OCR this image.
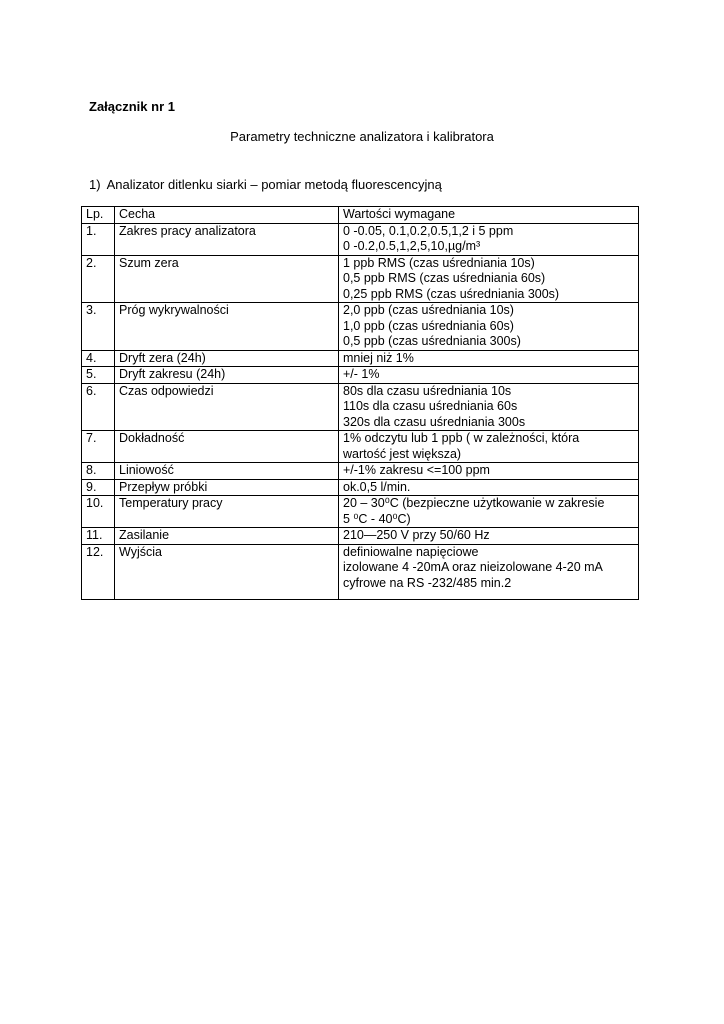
Załącznik nr 1
Parametry techniczne analizatora i kalibratora
1) Analizator ditlenku siarki – pomiar metodą fluorescencyjną
Lp.	Cecha	Wartości wymagane
1.	Zakres pracy analizatora	0 -0.05, 0.1,0.2,0.5,1,2 i 5 ppm
0 -0.2,0.5,1,2,5,10,µg/m³

2.	Szum zera	1 ppb RMS (czas uśredniania 10s)
0,5 ppb RMS (czas uśredniania 60s)
0,25 ppb RMS (czas uśredniania 300s)

3.	Próg wykrywalności	2,0 ppb (czas uśredniania 10s)
1,0 ppb (czas uśredniania 60s)
0,5 ppb (czas uśredniania 300s)

4.	Dryft zera (24h)	mniej niż 1%

5.	Dryft zakresu (24h)	+/- 1%

6.	Czas odpowiedzi	80s dla czasu uśredniania 10s
110s dla czasu uśredniania 60s
320s dla czasu uśredniania 300s

7.	Dokładność	1% odczytu lub 1 ppb ( w zależności, która
wartość jest większa)

8.	Liniowość	+/-1% zakresu <=100 ppm

9.	Przepływ próbki	ok.0,5 l/min.

10.	Temperatury pracy	20 – 30⁰C (bezpieczne użytkowanie w zakresie
5 ⁰C - 40⁰C)

11.	Zasilanie	210—250 V przy 50/60 Hz

12.	Wyjścia	definiowalne napięciowe
izolowane 4 -20mA oraz nieizolowane 4-20 mA
cyfrowe na RS -232/485 min.2
